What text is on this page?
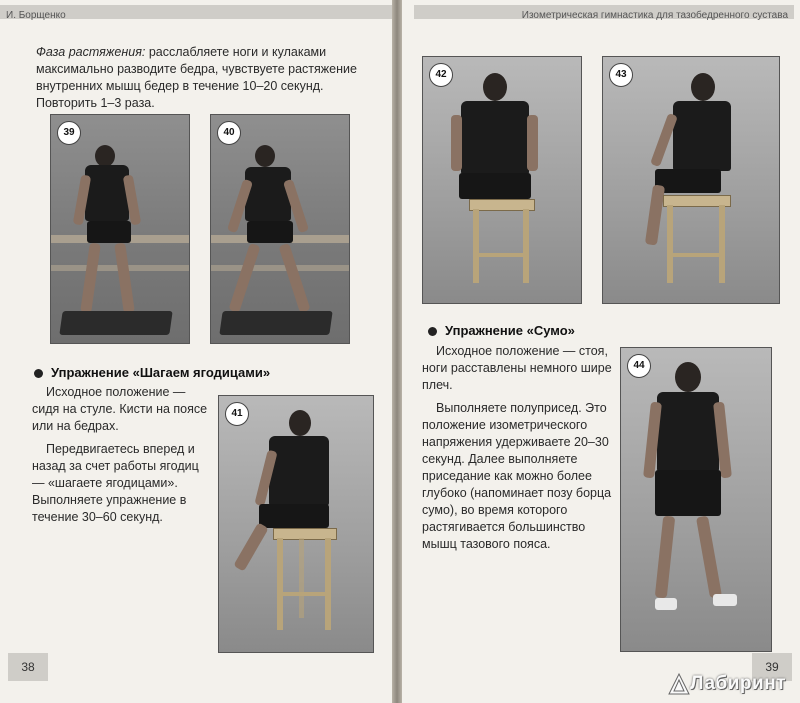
И. Борщенко

Фаза растяжения: расслабляете ноги и кулаками максимально разводите бедра, чувствуете растяжение внутренних мышц бедер в течение 10–20 секунд. Повторить 1–3 раза.

39	40
Упражнение «Шагаем ягодицами»

Исходное положение — сидя на стуле. Кисти на поясе или на бедрах.

Передвигаетесь вперед и назад за счет работы ягодиц — «шагаете ягодицами». Выполняете упражнение в течение 30–60 секунд.

41
38
Изометрическая гимнастика для тазобедренного сустава
42	43
Упражнение «Сумо»

Исходное положение — стоя, ноги расставлены немного шире плеч.

Выполняете полуприсед. Это положение изометрического напряжения удерживаете 20–30 секунд. Далее выполняете приседание как можно более глубоко (напоминает позу борца сумо), во время которого растягивается большинство мышц тазового пояса.

44
39
Лабиринт
